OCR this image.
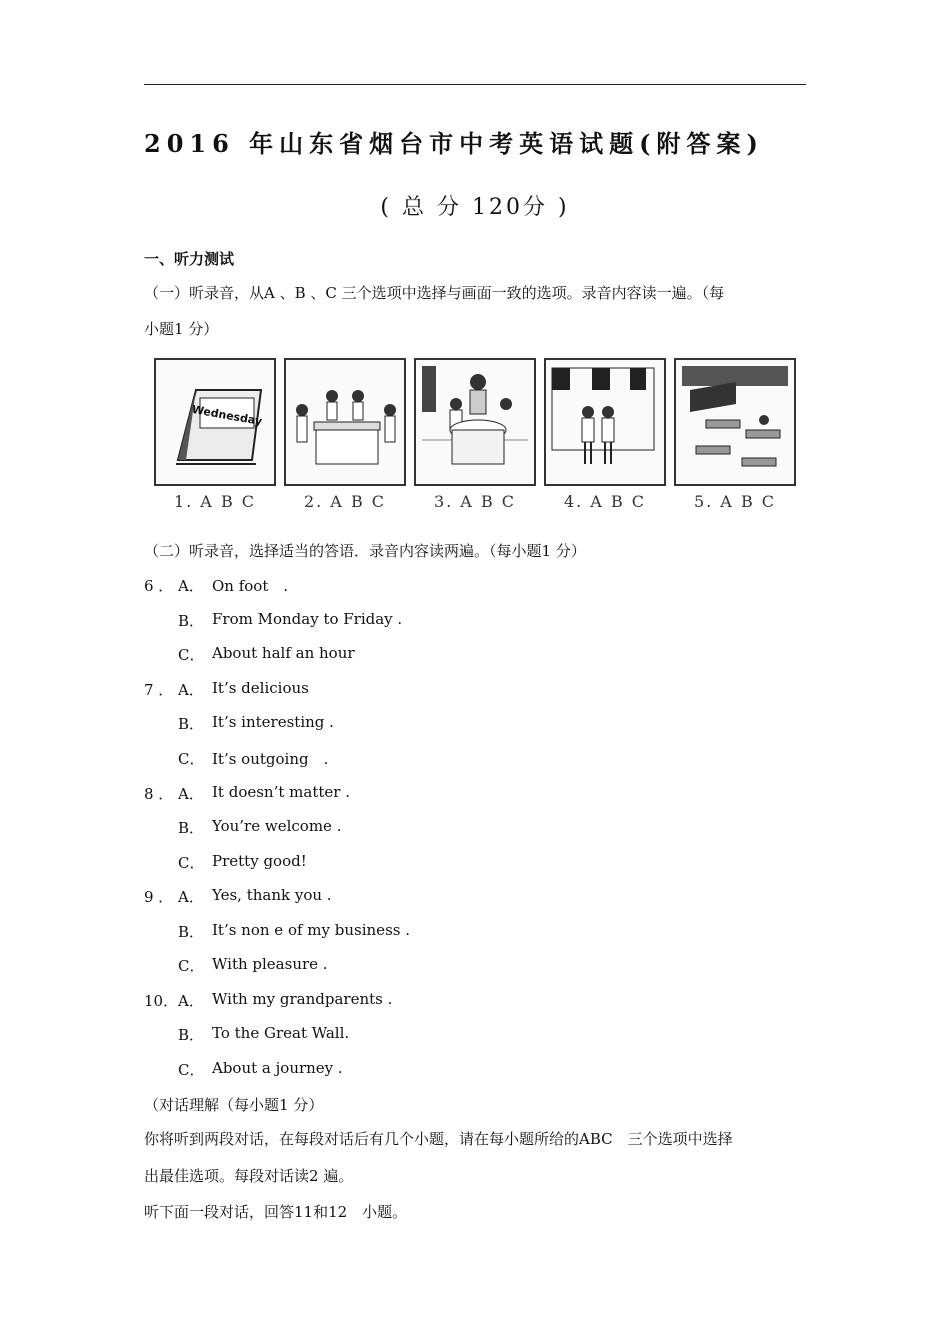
2016 年山东省烟台市中考英语试题(附答案)
( 总 分 120分 )
一、听力测试
（一）听录音，从A 、B 、C 三个选项中选择与画面一致的选项。录音内容读一遍。（每
小题1 分）
Wednesday
1. A B C	2. A B C	3. A B C	4. A B C	5. A B C
（二）听录音，选择适当的答语．录音内容读两遍。（每小题1 分）
6 ． A． On foot　.
B． From Monday to Friday .
C． About half an hour
7 ． A． It’s delicious
B． It’s interesting .
C． It’s outgoing　.
8 ． A． It doesn’t matter .
B． You’re welcome .
C． Pretty good!
9 ． A． Yes, thank you .
B． It’s non e of my business .
C． With pleasure .
10． A． With my grandparents .
B． To the Great Wall.
C． About a journey .
（对话理解（每小题1 分）
你将听到两段对话，在每段对话后有几个小题，请在每小题所给的ABC　三个选项中选择
出最佳选项。每段对话读2 遍。
听下面一段对话，回答11和12　小题。
